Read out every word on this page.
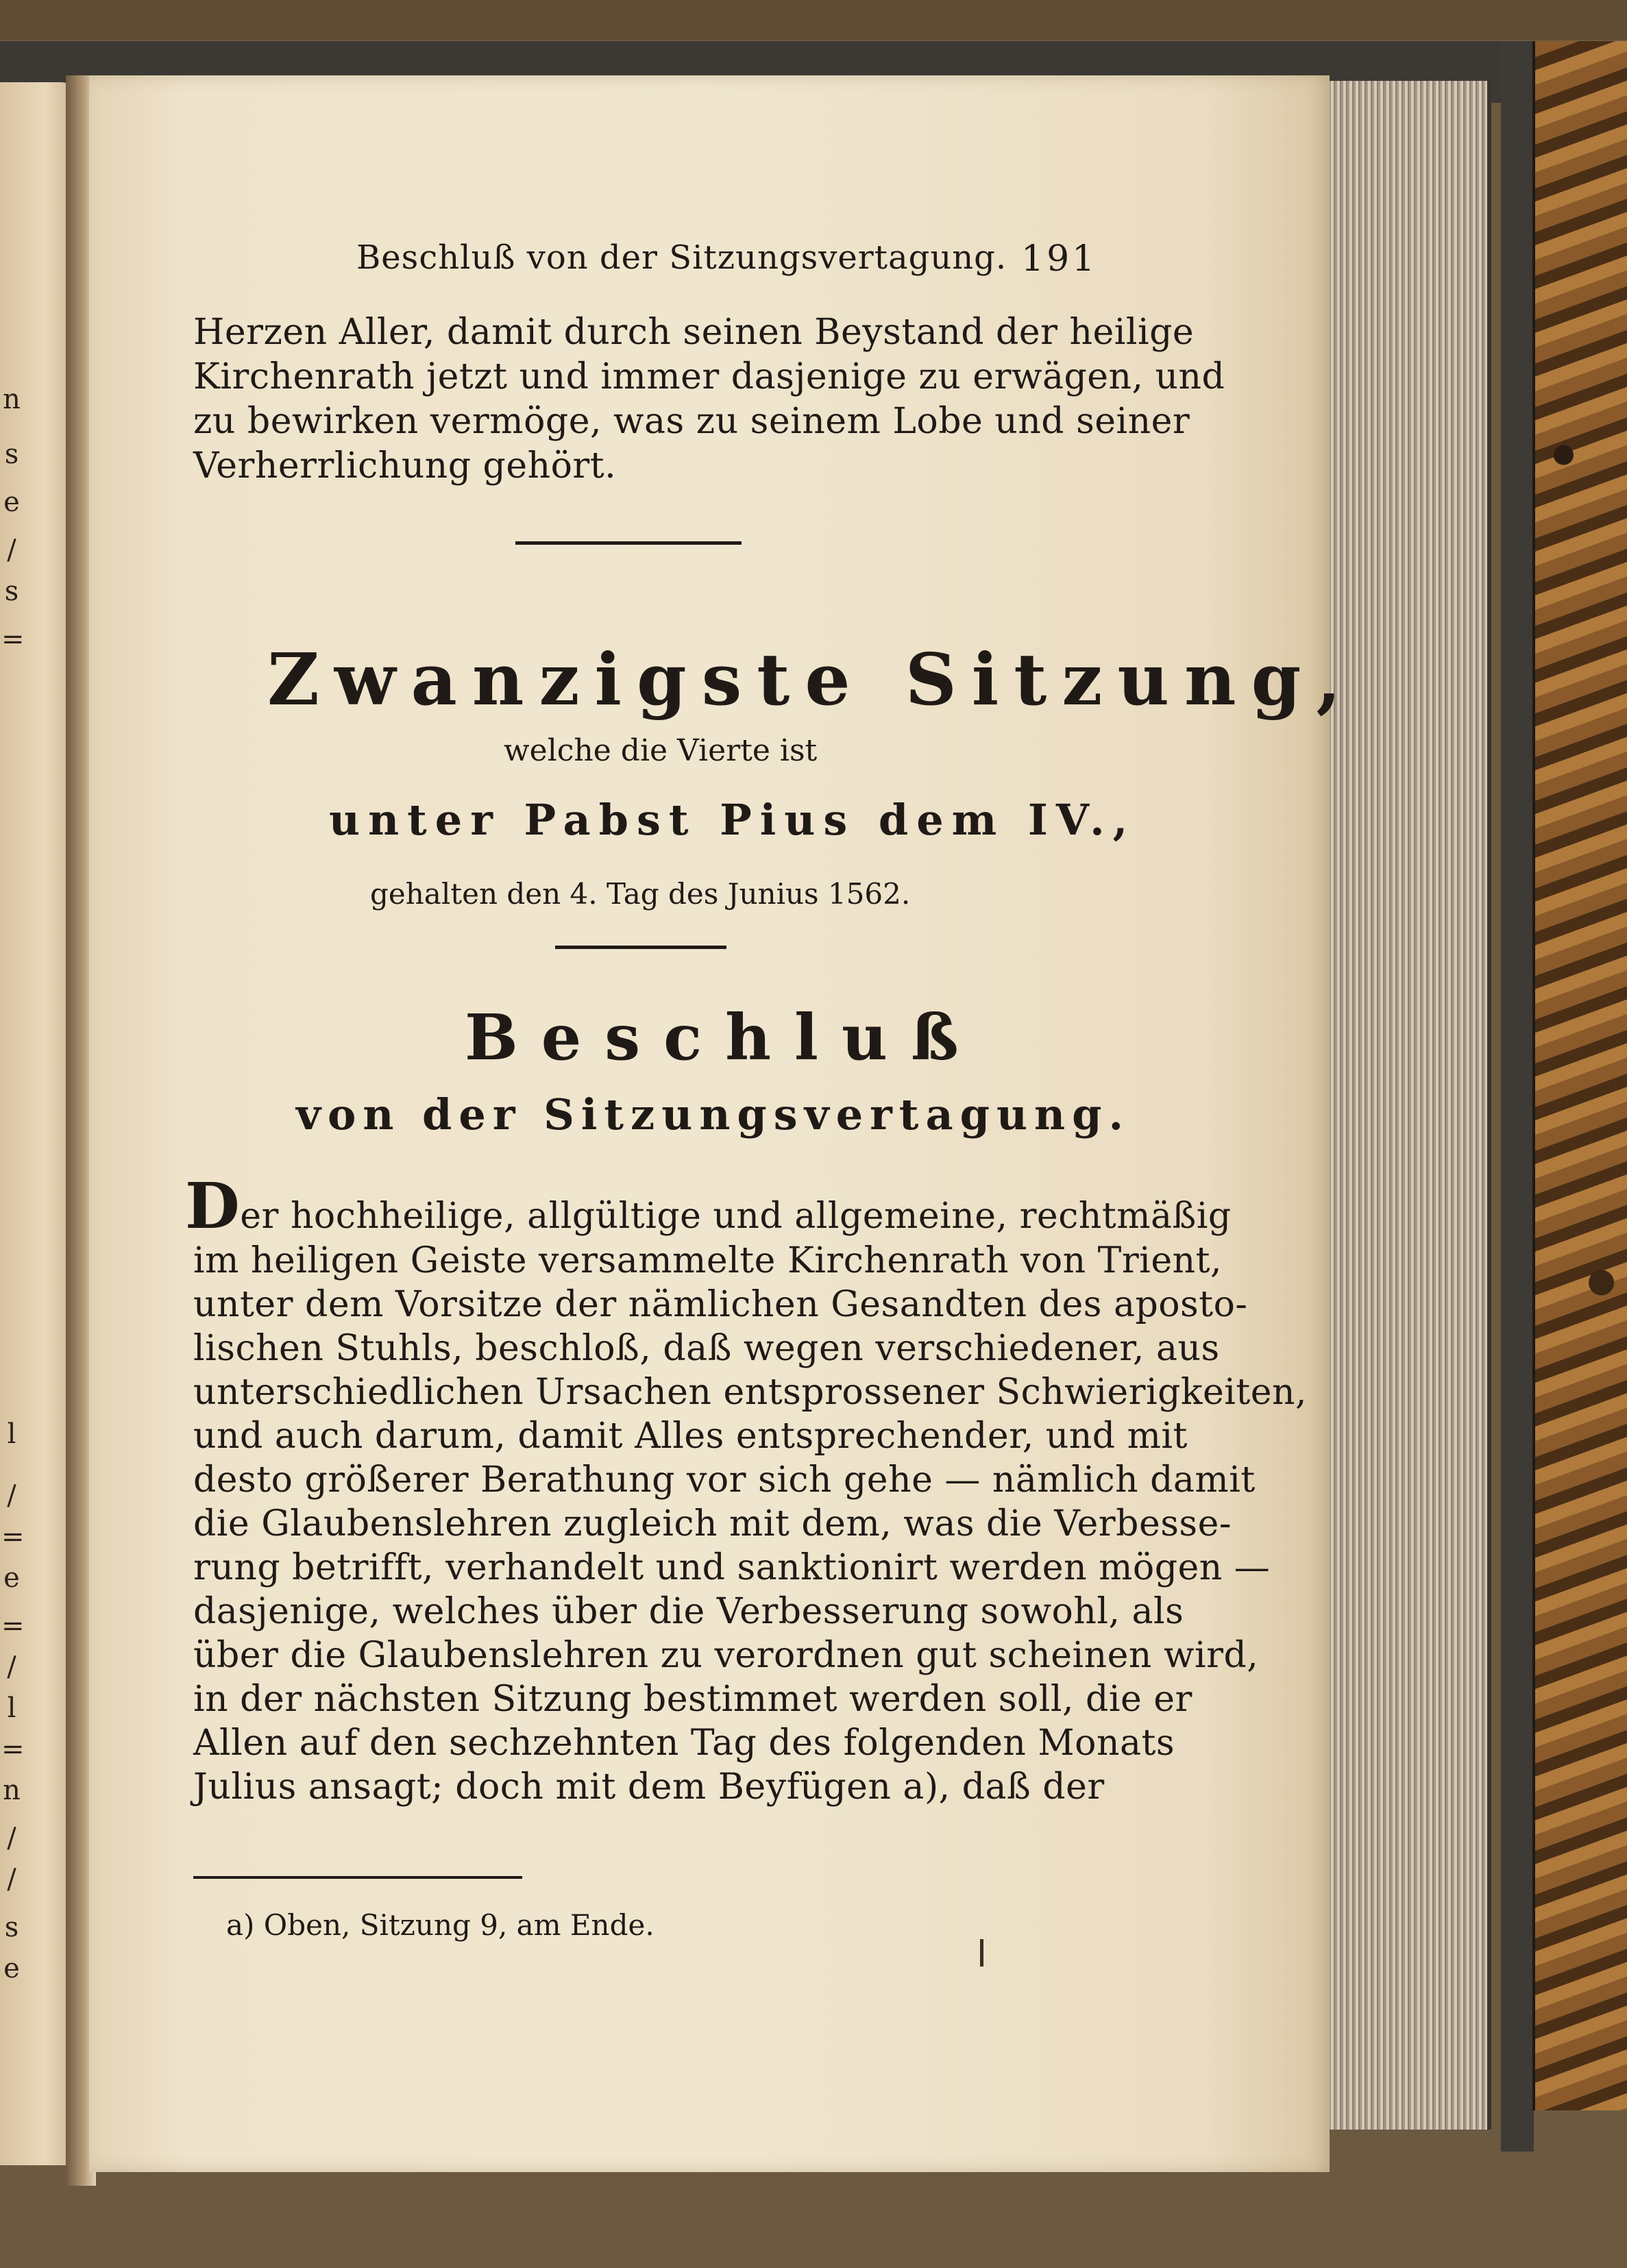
n
s
e
/
s
=
l
/
=
e
=
/
l
=
n
/
/
s
e
Beschluß von der Sitzungsvertagung. 191
Herzen Aller, damit durch seinen Beystand der heilige
Kirchenrath jetzt und immer dasjenige zu erwägen, und
zu bewirken vermöge, was zu seinem Lobe und seiner
Verherrlichung gehört.
Zwanzigste Sitzung,
welche die Vierte ist
unter Pabst Pius dem IV.,
gehalten den 4. Tag des Junius 1562.
Beschluß
von der Sitzungsvertagung.
Der hochheilige, allgültige und allgemeine, rechtmäßig
im heiligen Geiste versammelte Kirchenrath von Trient,
unter dem Vorsitze der nämlichen Gesandten des aposto-
lischen Stuhls, beschloß, daß wegen verschiedener, aus
unterschiedlichen Ursachen entsprossener Schwierigkeiten,
und auch darum, damit Alles entsprechender, und mit
desto größerer Berathung vor sich gehe — nämlich damit
die Glaubenslehren zugleich mit dem, was die Verbesse-
rung betrifft, verhandelt und sanktionirt werden mögen —
dasjenige, welches über die Verbesserung sowohl, als
über die Glaubenslehren zu verordnen gut scheinen wird,
in der nächsten Sitzung bestimmet werden soll, die er
Allen auf den sechzehnten Tag des folgenden Monats
Julius ansagt; doch mit dem Beyfügen a), daß der
a) Oben, Sitzung 9, am Ende.
